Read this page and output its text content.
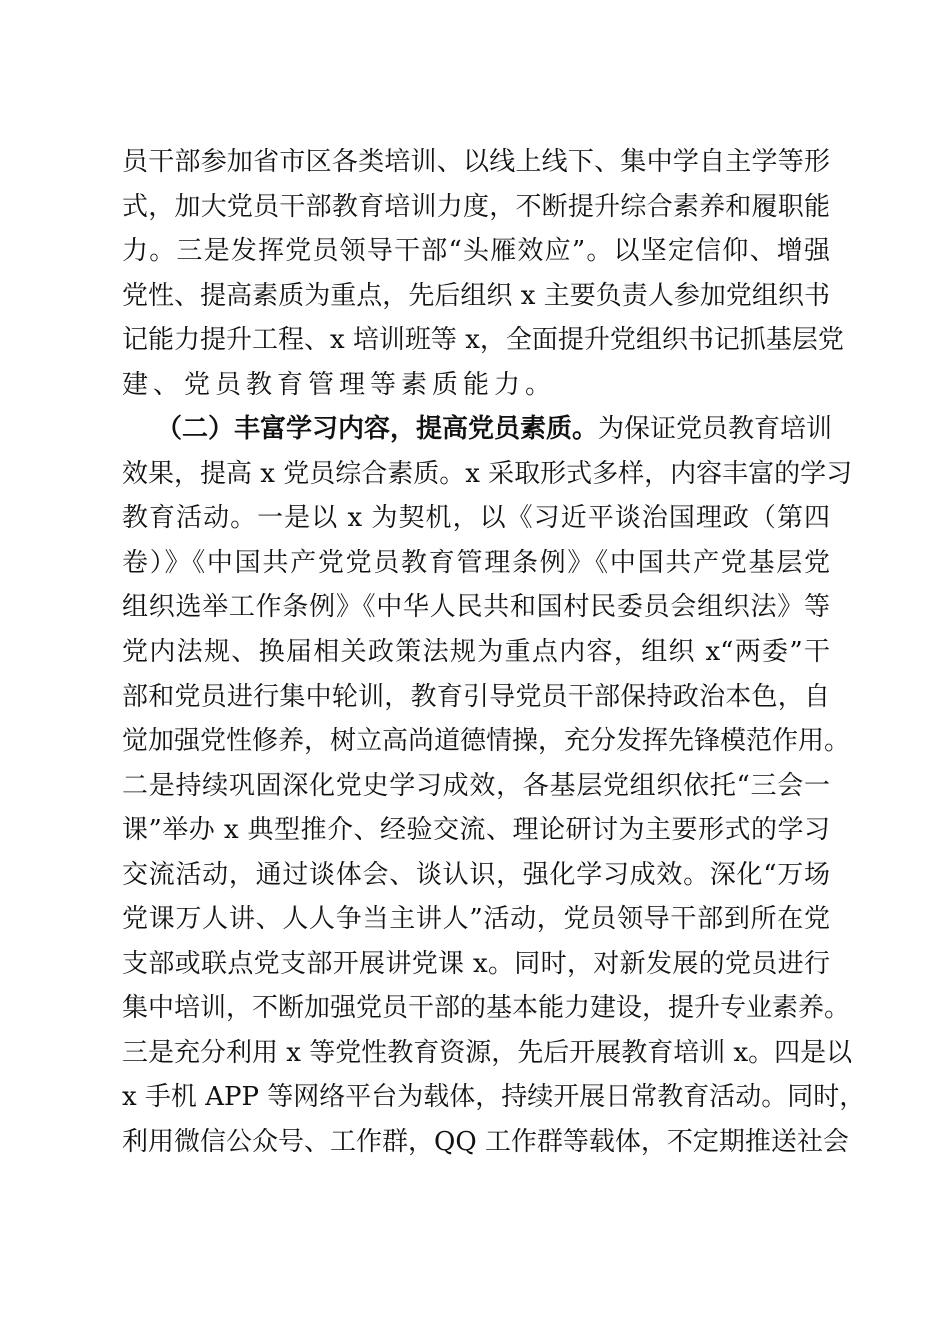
员干部参加省市区各类培训、以线上线下、集中学自主学等形
式，加大党员干部教育培训力度，不断提升综合素养和履职能
力。三是发挥党员领导干部“头雁效应”。以坚定信仰、增强
党性、提高素质为重点，先后组织 x 主要负责人参加党组织书
记能力提升工程、x 培训班等 x，全面提升党组织书记抓基层党
建、党员教育管理等素质能力。
（二）丰富学习内容，提高党员素质。为保证党员教育培训
效果，提高 x 党员综合素质。x 采取形式多样，内容丰富的学习
教育活动。一是以 x 为契机，以《习近平谈治国理政（第四
卷）》《中国共产党党员教育管理条例》《中国共产党基层党
组织选举工作条例》《中华人民共和国村民委员会组织法》等
党内法规、换届相关政策法规为重点内容，组织 x“两委”干
部和党员进行集中轮训，教育引导党员干部保持政治本色，自
觉加强党性修养，树立高尚道德情操，充分发挥先锋模范作用。
二是持续巩固深化党史学习成效，各基层党组织依托“三会一
课”举办 x 典型推介、经验交流、理论研讨为主要形式的学习
交流活动，通过谈体会、谈认识，强化学习成效。深化“万场
党课万人讲、人人争当主讲人”活动，党员领导干部到所在党
支部或联点党支部开展讲党课 x。同时，对新发展的党员进行
集中培训，不断加强党员干部的基本能力建设，提升专业素养。
三是充分利用 x 等党性教育资源，先后开展教育培训 x。四是以
x 手机 APP 等网络平台为载体，持续开展日常教育活动。同时，
利用微信公众号、工作群，QQ 工作群等载体，不定期推送社会
